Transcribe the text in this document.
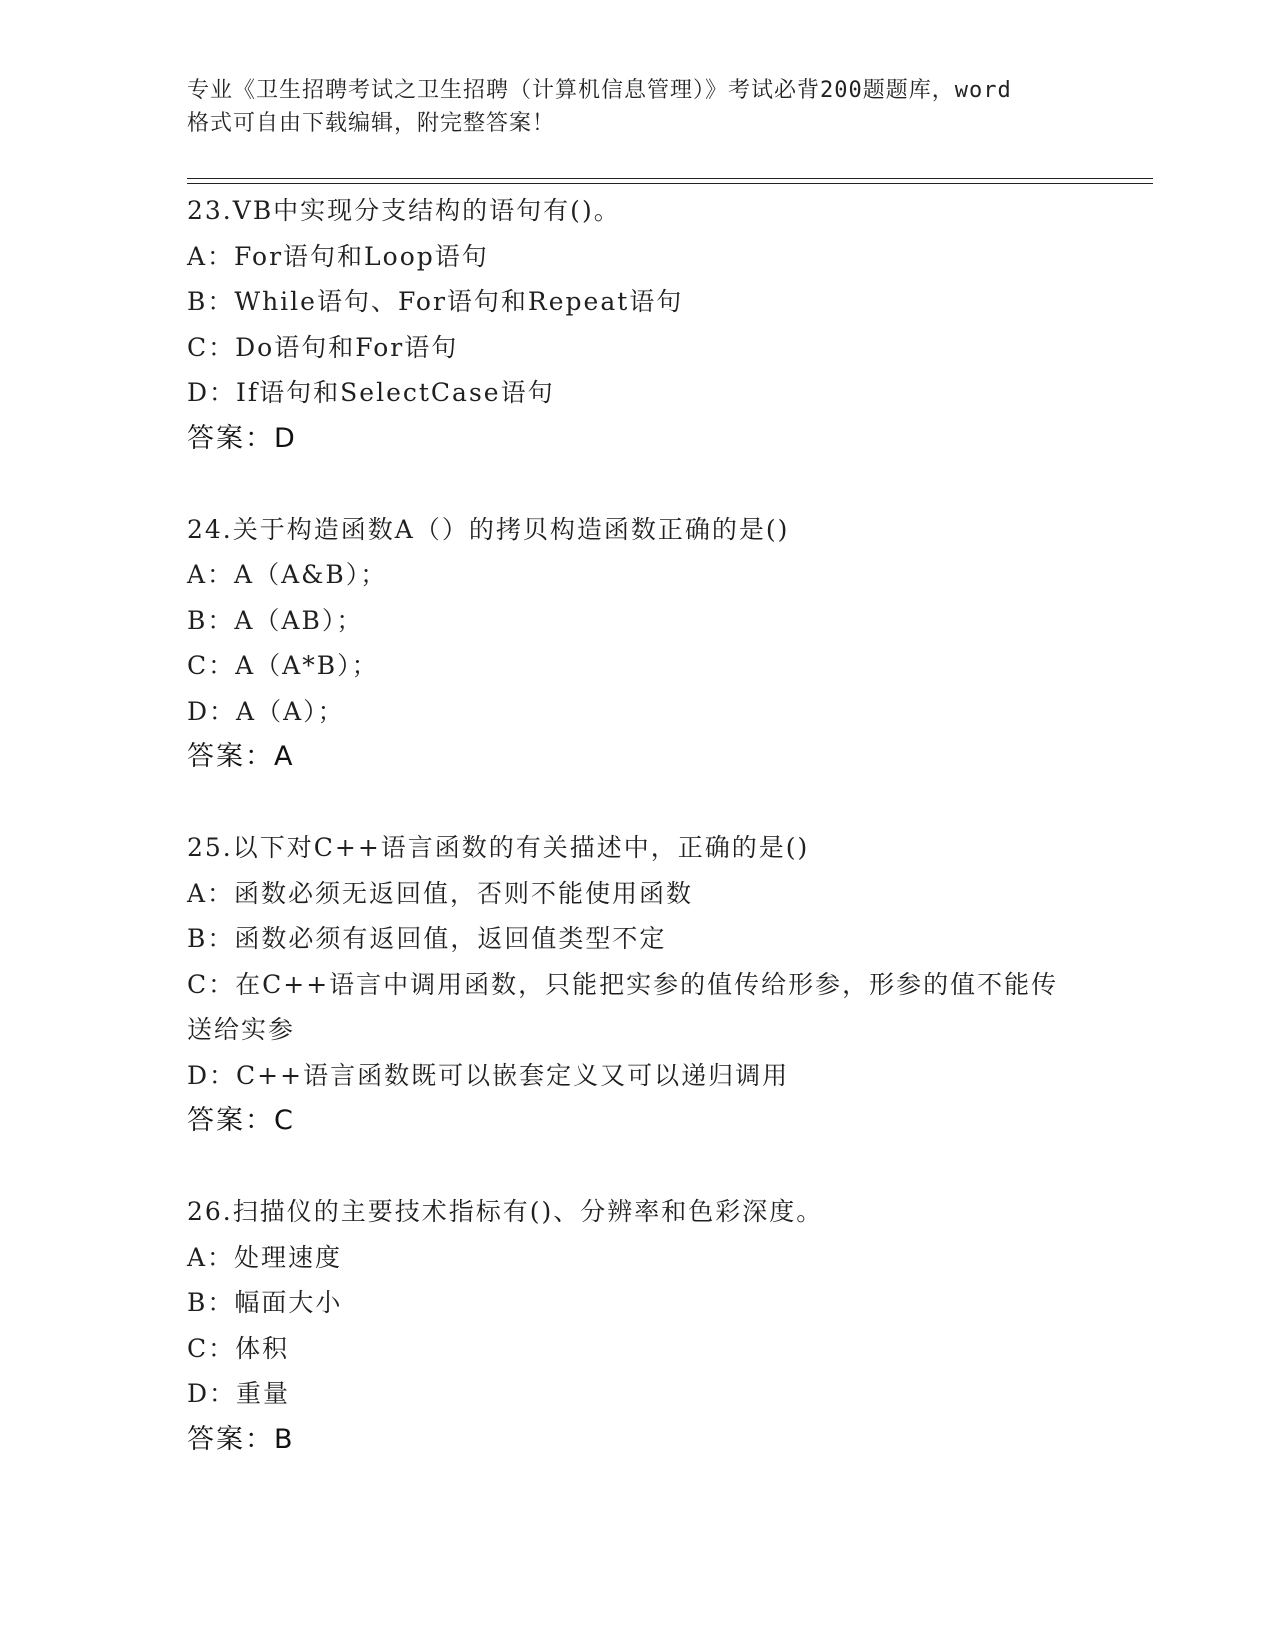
专业《卫生招聘考试之卫生招聘（计算机信息管理）》考试必背200题题库，word
格式可自由下载编辑，附完整答案！
23.VB中实现分支结构的语句有()。
A：For语句和Loop语句
B：While语句、For语句和Repeat语句
C：Do语句和For语句
D：If语句和SelectCase语句
答案：D
24.关于构造函数A（）的拷贝构造函数正确的是()
A：A（A&B）；
B：A（AB）；
C：A（A*B）；
D：A（A）；
答案：A
25.以下对C++语言函数的有关描述中，正确的是()
A：函数必须无返回值，否则不能使用函数
B：函数必须有返回值，返回值类型不定
C：在C++语言中调用函数，只能把实参的值传给形参，形参的值不能传送给实参
D：C++语言函数既可以嵌套定义又可以递归调用
答案：C
26.扫描仪的主要技术指标有()、分辨率和色彩深度。
A：处理速度
B：幅面大小
C：体积
D：重量
答案：B
